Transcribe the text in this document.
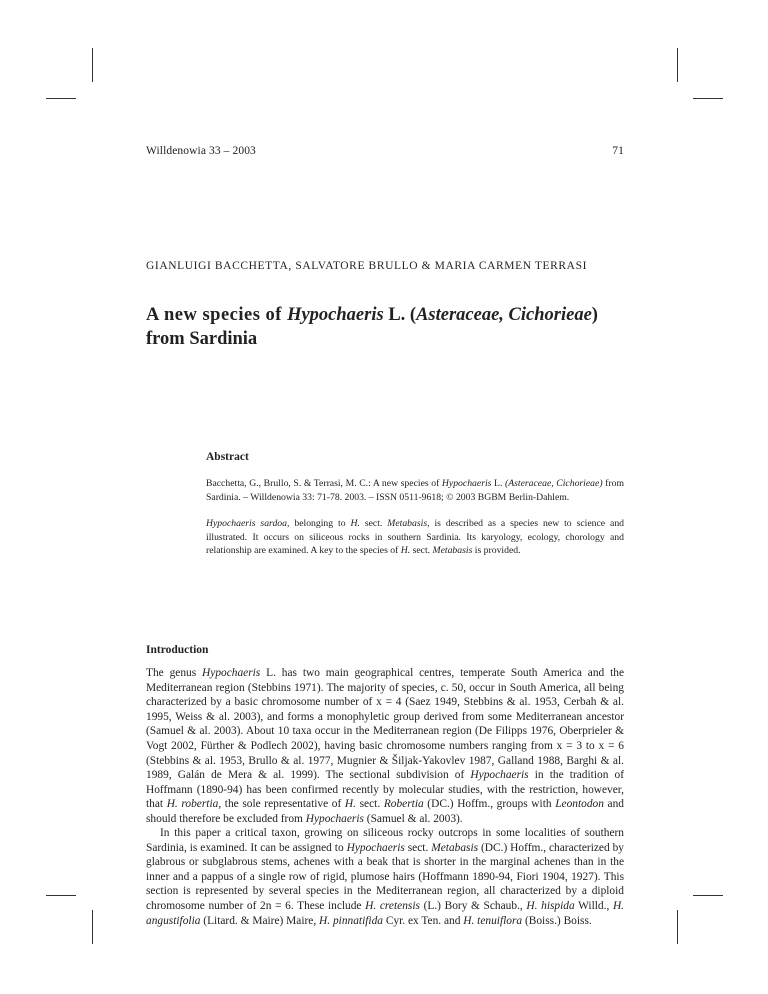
Willdenowia 33 – 2003	71
GIANLUIGI BACCHETTA, SALVATORE BRULLO & MARIA CARMEN TERRASI
A new species of Hypochaeris L. (Asteraceae, Cichorieae) from Sardinia
Abstract

Bacchetta, G., Brullo, S. & Terrasi, M. C.: A new species of Hypochaeris L. (Asteraceae, Cichorieae) from Sardinia. – Willdenowia 33: 71-78. 2003. – ISSN 0511-9618; © 2003 BGBM Berlin-Dahlem.

Hypochaeris sardoa, belonging to H. sect. Metabasis, is described as a species new to science and illustrated. It occurs on siliceous rocks in southern Sardinia. Its karyology, ecology, chorology and relationship are examined. A key to the species of H. sect. Metabasis is provided.

Introduction

The genus Hypochaeris L. has two main geographical centres, temperate South America and the Mediterranean region (Stebbins 1971). The majority of species, c. 50, occur in South America, all being characterized by a basic chromosome number of x = 4 (Saez 1949, Stebbins & al. 1953, Cerbah & al. 1995, Weiss & al. 2003), and forms a monophyletic group derived from some Mediterranean ancestor (Samuel & al. 2003). About 10 taxa occur in the Mediterranean region (De Filipps 1976, Oberprieler & Vogt 2002, Fürther & Podlech 2002), having basic chromosome numbers ranging from x = 3 to x = 6 (Stebbins & al. 1953, Brullo & al. 1977, Mugnier & Šiljak-Yakovlev 1987, Galland 1988, Barghi & al. 1989, Galán de Mera & al. 1999). The sectional subdivision of Hypochaeris in the tradition of Hoffmann (1890-94) has been confirmed recently by molecular studies, with the restriction, however, that H. robertia, the sole representative of H. sect. Robertia (DC.) Hoffm., groups with Leontodon and should therefore be excluded from Hypochaeris (Samuel & al. 2003).

In this paper a critical taxon, growing on siliceous rocky outcrops in some localities of southern Sardinia, is examined. It can be assigned to Hypochaeris sect. Metabasis (DC.) Hoffm., characterized by glabrous or subglabrous stems, achenes with a beak that is shorter in the marginal achenes than in the inner and a pappus of a single row of rigid, plumose hairs (Hoffmann 1890-94, Fiori 1904, 1927). This section is represented by several species in the Mediterranean region, all characterized by a diploid chromosome number of 2n = 6. These include H. cretensis (L.) Bory & Schaub., H. hispida Willd., H. angustifolia (Litard. & Maire) Maire, H. pinnatifida Cyr. ex Ten. and H. tenuiflora (Boiss.) Boiss.
